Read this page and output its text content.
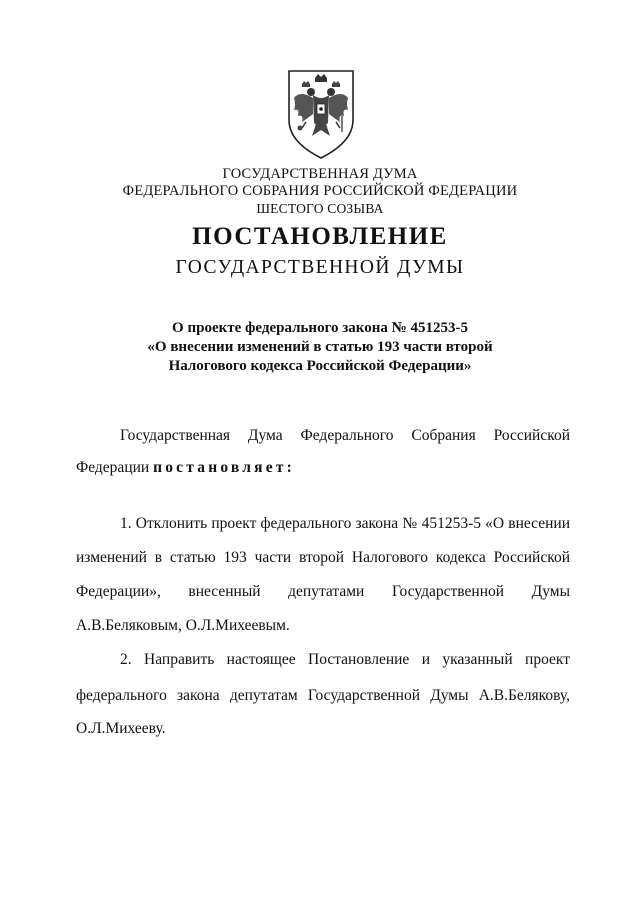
ГОСУДАРСТВЕННАЯ ДУМА
ФЕДЕРАЛЬНОГО СОБРАНИЯ РОССИЙСКОЙ ФЕДЕРАЦИИ
ШЕСТОГО СОЗЫВА
ПОСТАНОВЛЕНИЕ
ГОСУДАРСТВЕННОЙ ДУМЫ
О проекте федерального закона № 451253-5
«О внесении изменений в статью 193 части второй
Налогового кодекса Российской Федерации»
Государственная Дума Федерального Собрания Российской
Федерации постановляет:
1. Отклонить проект федерального закона № 451253-5 «О внесении
изменений в статью 193 части второй Налогового кодекса Российской
Федерации», внесенный депутатами Государственной Думы
А.В.Беляковым, О.Л.Михеевым.
2. Направить настоящее Постановление и указанный проект
федерального закона депутатам Государственной Думы А.В.Белякову,
О.Л.Михееву.
